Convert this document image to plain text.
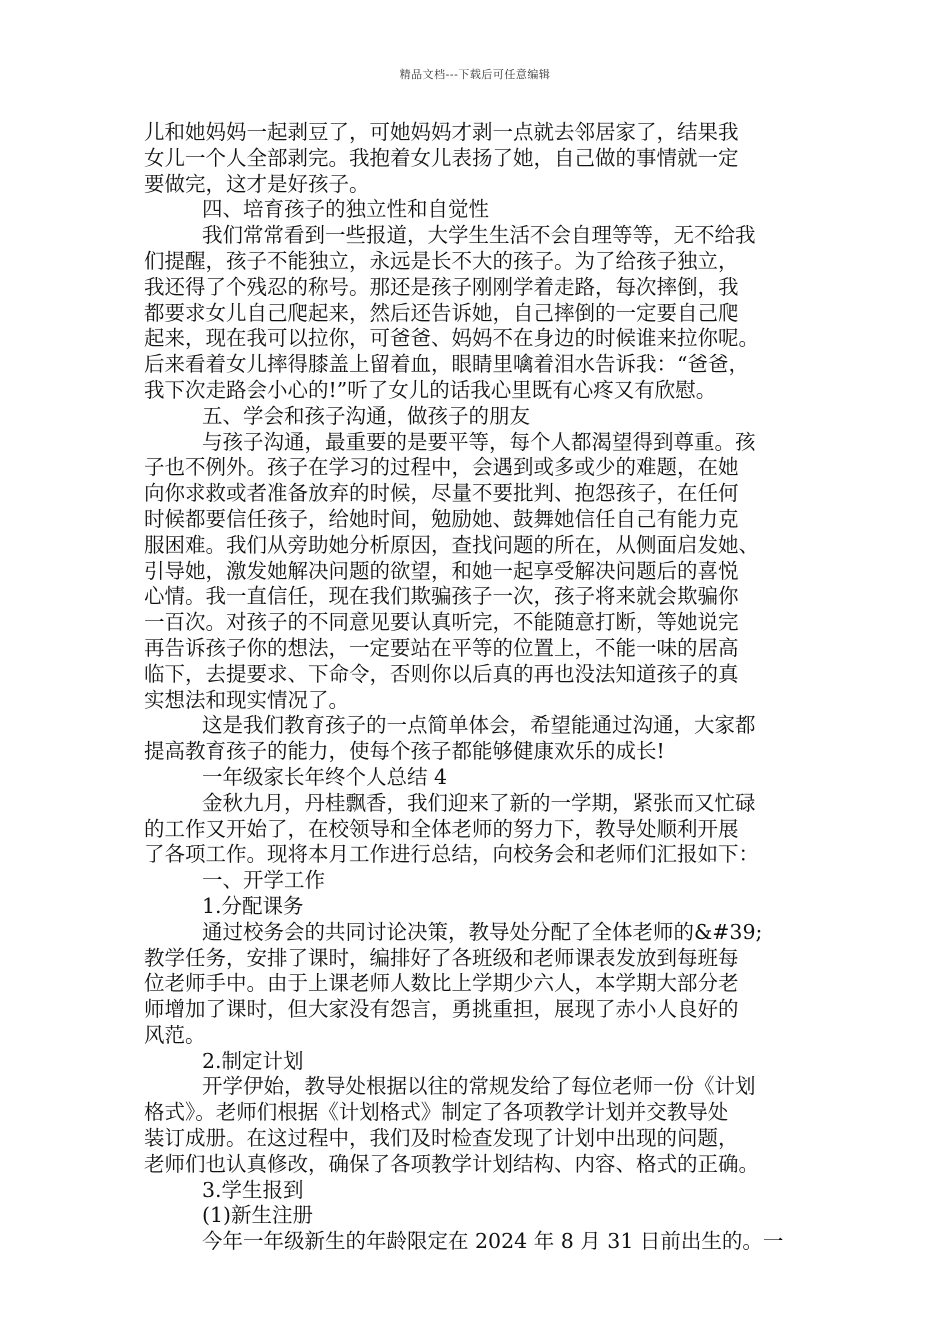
精品文档---下载后可任意编辑
儿和她妈妈一起剥豆了，可她妈妈才剥一点就去邻居家了，结果我
女儿一个人全部剥完。我抱着女儿表扬了她，自己做的事情就一定
要做完，这才是好孩子。
四、培育孩子的独立性和自觉性
我们常常看到一些报道，大学生生活不会自理等等，无不给我
们提醒，孩子不能独立，永远是长不大的孩子。为了给孩子独立，
我还得了个残忍的称号。那还是孩子刚刚学着走路，每次摔倒，我
都要求女儿自己爬起来，然后还告诉她，自己摔倒的一定要自己爬
起来，现在我可以拉你，可爸爸、妈妈不在身边的时候谁来拉你呢。
后来看着女儿摔得膝盖上留着血，眼睛里噙着泪水告诉我：“爸爸，
我下次走路会小心的!”听了女儿的话我心里既有心疼又有欣慰。
五、学会和孩子沟通，做孩子的朋友
与孩子沟通，最重要的是要平等，每个人都渴望得到尊重。孩
子也不例外。孩子在学习的过程中，会遇到或多或少的难题，在她
向你求救或者准备放弃的时候，尽量不要批判、抱怨孩子，在任何
时候都要信任孩子，给她时间，勉励她、鼓舞她信任自己有能力克
服困难。我们从旁助她分析原因，查找问题的所在，从侧面启发她、
引导她，激发她解决问题的欲望，和她一起享受解决问题后的喜悦
心情。我一直信任，现在我们欺骗孩子一次，孩子将来就会欺骗你
一百次。对孩子的不同意见要认真听完，不能随意打断，等她说完
再告诉孩子你的想法，一定要站在平等的位置上，不能一味的居高
临下，去提要求、下命令，否则你以后真的再也没法知道孩子的真
实想法和现实情况了。
这是我们教育孩子的一点简单体会，希望能通过沟通，大家都
提高教育孩子的能力，使每个孩子都能够健康欢乐的成长!
一年级家长年终个人总结 4
金秋九月，丹桂飘香，我们迎来了新的一学期，紧张而又忙碌
的工作又开始了，在校领导和全体老师的努力下，教导处顺利开展
了各项工作。现将本月工作进行总结，向校务会和老师们汇报如下：
一、开学工作
1.分配课务
通过校务会的共同讨论决策，教导处分配了全体老师的&#39;
教学任务，安排了课时，编排好了各班级和老师课表发放到每班每
位老师手中。由于上课老师人数比上学期少六人，本学期大部分老
师增加了课时，但大家没有怨言，勇挑重担，展现了赤小人良好的
风范。
2.制定计划
开学伊始，教导处根据以往的常规发给了每位老师一份《计划
格式》。老师们根据《计划格式》制定了各项教学计划并交教导处
装订成册。在这过程中，我们及时检查发现了计划中出现的问题，
老师们也认真修改，确保了各项教学计划结构、内容、格式的正确。
3.学生报到
(1)新生注册
今年一年级新生的年龄限定在 2024 年 8 月 31 日前出生的。一
